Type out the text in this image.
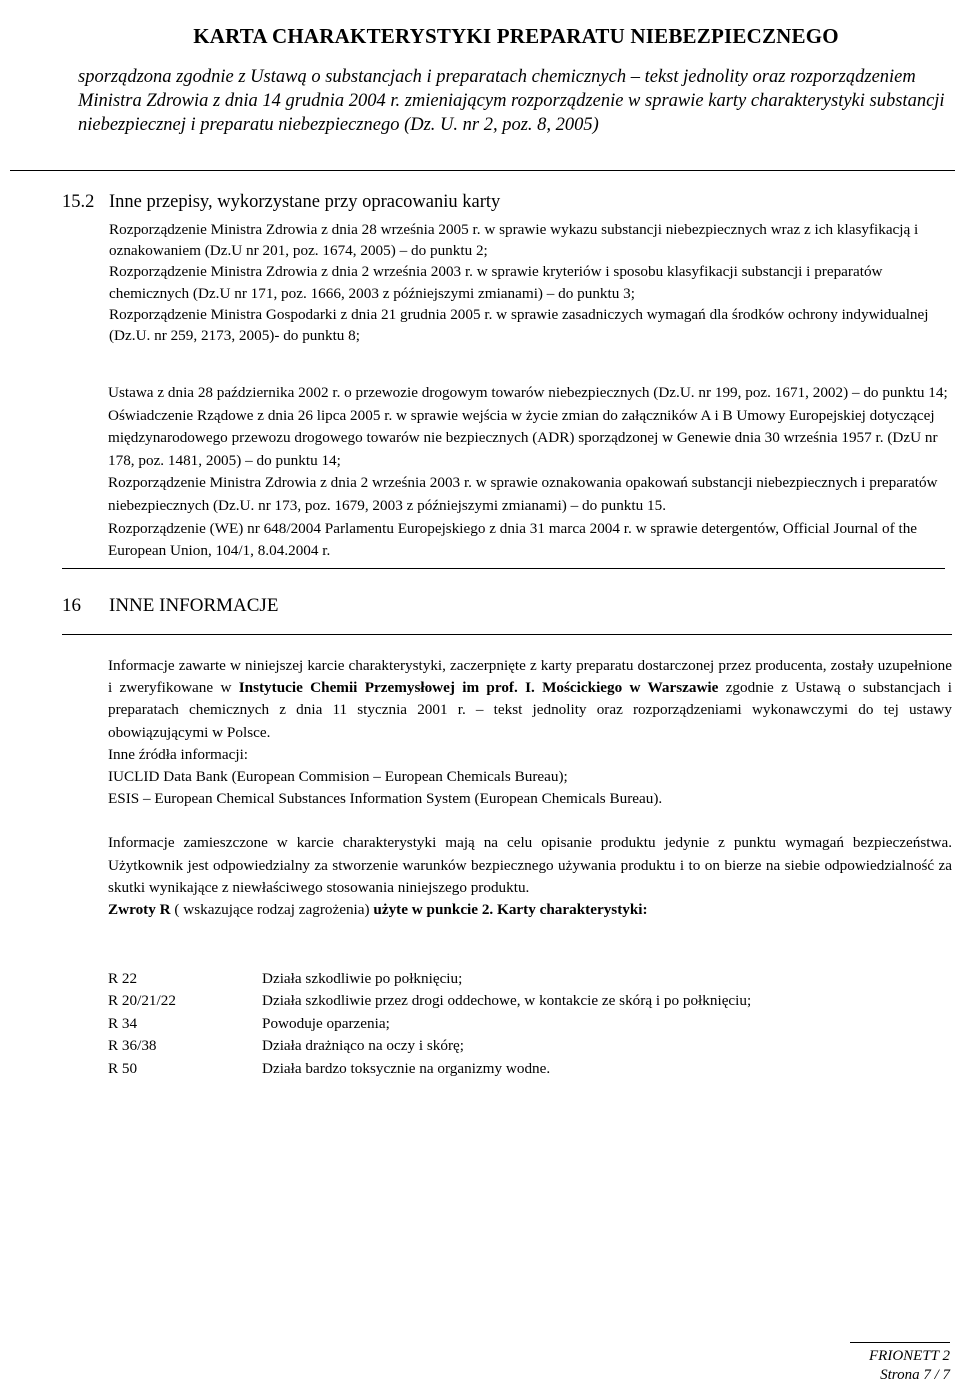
KARTA CHARAKTERYSTYKI PREPARATU NIEBEZPIECZNEGO

sporządzona zgodnie z Ustawą o substancjach i preparatach chemicznych – tekst jednolity oraz rozporządzeniem Ministra Zdrowia z dnia 14 grudnia 2004 r. zmieniającym rozporządzenie w sprawie karty charakterystyki substancji niebezpiecznej i preparatu niebezpiecznego (Dz. U. nr 2, poz. 8, 2005)

15.2 Inne przepisy, wykorzystane przy opracowaniu karty

Rozporządzenie Ministra Zdrowia z dnia 28 września 2005 r. w sprawie wykazu substancji niebezpiecznych wraz z ich klasyfikacją i oznakowaniem (Dz.U nr 201, poz. 1674, 2005) – do punktu 2;

Rozporządzenie Ministra Zdrowia z dnia 2 września 2003 r. w sprawie kryteriów i sposobu klasyfikacji substancji i preparatów chemicznych (Dz.U nr 171, poz. 1666, 2003 z późniejszymi zmianami) – do punktu 3;

Rozporządzenie Ministra Gospodarki z dnia 21 grudnia 2005 r. w sprawie zasadniczych wymagań dla środków ochrony indywidualnej (Dz.U. nr 259, 2173, 2005)- do punktu 8;

Ustawa z dnia 28 października 2002 r. o przewozie drogowym towarów niebezpiecznych (Dz.U. nr 199, poz. 1671, 2002) – do punktu 14;

Oświadczenie Rządowe z dnia 26 lipca 2005 r. w sprawie wejścia w życie zmian do załączników A i B Umowy Europejskiej dotyczącej międzynarodowego przewozu drogowego towarów nie bezpiecznych (ADR) sporządzonej w Genewie dnia 30 września 1957 r. (DzU nr 178, poz. 1481, 2005) – do punktu 14;

Rozporządzenie Ministra Zdrowia z dnia 2 września 2003 r. w sprawie oznakowania opakowań substancji niebezpiecznych i preparatów niebezpiecznych (Dz.U. nr 173, poz. 1679, 2003 z późniejszymi zmianami) – do punktu 15.

Rozporządzenie (WE) nr 648/2004 Parlamentu Europejskiego z dnia 31 marca 2004 r. w sprawie detergentów, Official Journal of the European Union, 104/1, 8.04.2004 r.

16	INNE INFORMACJE

Informacje zawarte w niniejszej karcie charakterystyki, zaczerpnięte z karty preparatu dostarczonej przez producenta, zostały uzupełnione i zweryfikowane w Instytucie Chemii Przemysłowej im prof. I. Mościckiego w Warszawie zgodnie z Ustawą o substancjach i preparatach chemicznych z dnia 11 stycznia 2001 r. – tekst jednolity oraz rozporządzeniami wykonawczymi do tej ustawy obowiązującymi w Polsce.

Inne źródła informacji:

IUCLID Data Bank (European Commision – European Chemicals Bureau);

ESIS – European Chemical Substances Information System (European Chemicals Bureau).

Informacje zamieszczone w karcie charakterystyki mają na celu opisanie produktu jedynie z punktu wymagań bezpieczeństwa. Użytkownik jest odpowiedzialny za stworzenie warunków bezpiecznego używania produktu i to on bierze na siebie odpowiedzialność za skutki wynikające z niewłaściwego stosowania niniejszego produktu.

Zwroty R ( wskazujące rodzaj zagrożenia) użyte w punkcie 2. Karty charakterystyki:

R 22	Działa szkodliwie po połknięciu;
R 20/21/22	Działa szkodliwie przez drogi oddechowe, w kontakcie ze skórą i po połknięciu;
R 34	Powoduje oparzenia;
R 36/38	Działa drażniąco na oczy i skórę;
R 50	Działa bardzo toksycznie na organizmy wodne.
FRIONETT 2
Strona 7 / 7
